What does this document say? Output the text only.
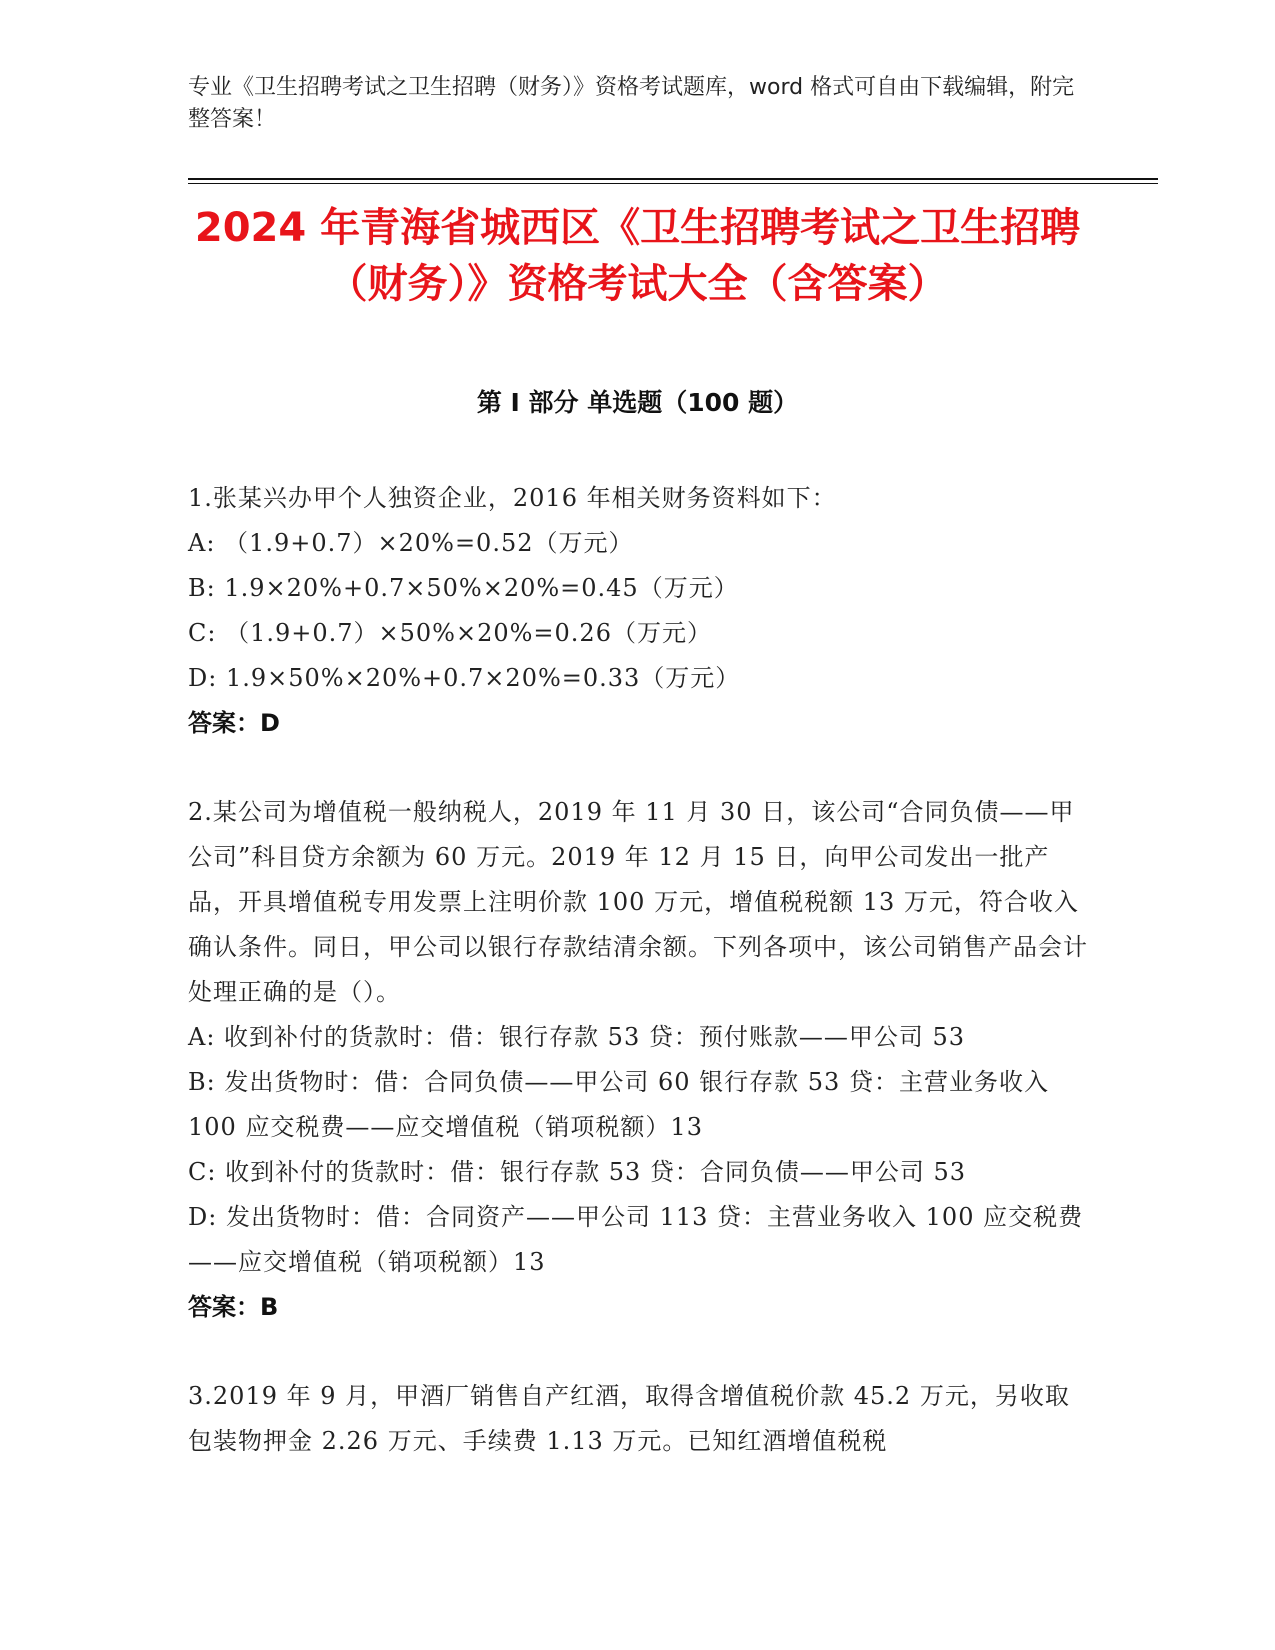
专业《卫生招聘考试之卫生招聘（财务）》资格考试题库，word 格式可自由下载编辑，附完整答案！
2024 年青海省城西区《卫生招聘考试之卫生招聘（财务）》资格考试大全（含答案）
第 I 部分 单选题（100 题）
1.张某兴办甲个人独资企业，2016 年相关财务资料如下：
A: （1.9+0.7）×20%=0.52（万元）
B: 1.9×20%+0.7×50%×20%=0.45（万元）
C: （1.9+0.7）×50%×20%=0.26（万元）
D: 1.9×50%×20%+0.7×20%=0.33（万元）
答案：D
2.某公司为增值税一般纳税人，2019 年 11 月 30 日，该公司“合同负债——甲公司”科目贷方余额为 60 万元。2019 年 12 月 15 日，向甲公司发出一批产品，开具增值税专用发票上注明价款 100 万元，增值税税额 13 万元，符合收入确认条件。同日，甲公司以银行存款结清余额。下列各项中，该公司销售产品会计处理正确的是（）。
A: 收到补付的货款时：借：银行存款 53 贷：预付账款——甲公司 53
B: 发出货物时：借：合同负债——甲公司 60 银行存款 53 贷：主营业务收入 100 应交税费——应交增值税（销项税额）13
C: 收到补付的货款时：借：银行存款 53 贷：合同负债——甲公司 53
D: 发出货物时：借：合同资产——甲公司 113 贷：主营业务收入 100 应交税费——应交增值税（销项税额）13
答案：B
3.2019 年 9 月，甲酒厂销售自产红酒，取得含增值税价款 45.2 万元，另收取包装物押金 2.26 万元、手续费 1.13 万元。已知红酒增值税税
